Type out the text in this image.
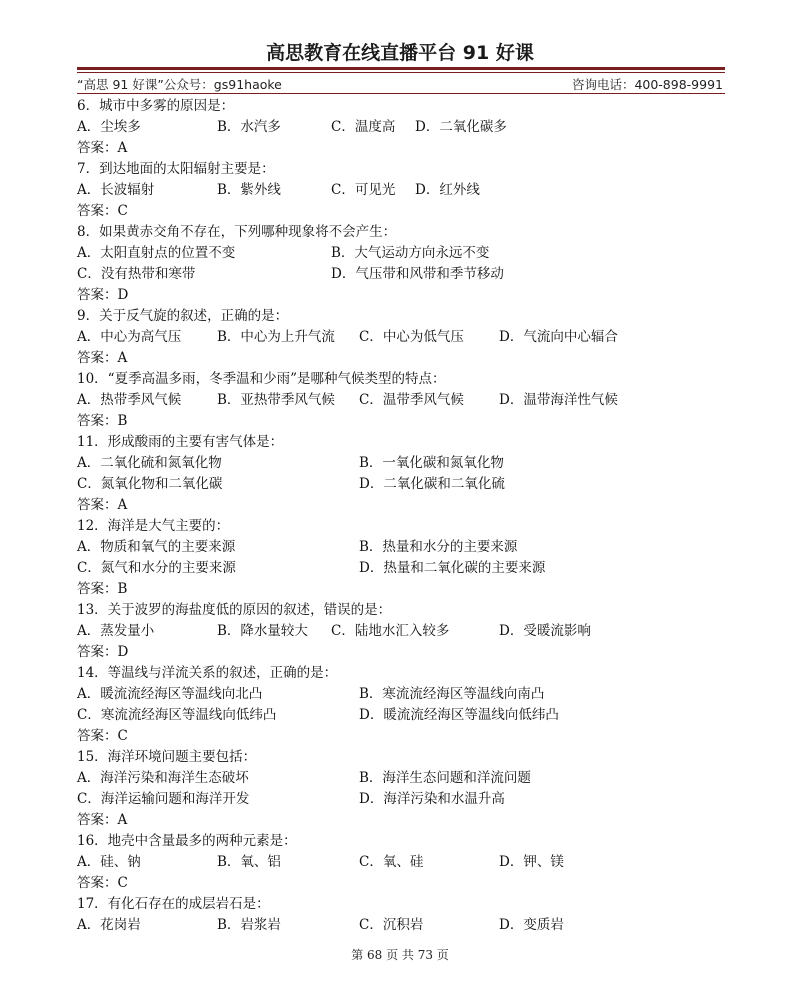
高思教育在线直播平台 91 好课
“高思 91 好课”公众号：gs91haoke	咨询电话：400-898-9991
6．城市中多雾的原因是：
A．尘埃多	B．水汽多	C．温度高 D．二氧化碳多
答案：A
7．到达地面的太阳辐射主要是：
A．长波辐射	B．紫外线	C．可见光 D．红外线
答案：C
8．如果黄赤交角不存在，下列哪种现象将不会产生：
A．太阳直射点的位置不变	B．大气运动方向永远不变
C．没有热带和寒带	D．气压带和风带和季节移动
答案：D
9．关于反气旋的叙述，正确的是：
A．中心为高气压	B．中心为上升气流 C．中心为低气压	D．气流向中心辐合
答案：A
10．“夏季高温多雨，冬季温和少雨”是哪种气候类型的特点：
A．热带季风气候	B．亚热带季风气候 C．温带季风气候	D．温带海洋性气候
答案：B
11．形成酸雨的主要有害气体是：
A．二氧化硫和氮氧化物	B．一氧化碳和氮氧化物
C．氮氧化物和二氧化碳	D．二氧化碳和二氧化硫
答案：A
12．海洋是大气主要的：
A．物质和氧气的主要来源	B．热量和水分的主要来源
C．氮气和水分的主要来源	D．热量和二氧化碳的主要来源
答案：B
13．关于波罗的海盐度低的原因的叙述，错误的是：
A．蒸发量小	B．降水量较大 C．陆地水汇入较多	D．受暖流影响
答案：D
14．等温线与洋流关系的叙述，正确的是：
A．暖流流经海区等温线向北凸	B．寒流流经海区等温线向南凸
C．寒流流经海区等温线向低纬凸	D．暖流流经海区等温线向低纬凸
答案：C
15．海洋环境问题主要包括：
A．海洋污染和海洋生态破坏	B．海洋生态问题和洋流问题
C．海洋运输问题和海洋开发	D．海洋污染和水温升高
答案：A
16．地壳中含量最多的两种元素是：
A．硅、钠	B．氧、铝	C．氧、硅	D．钾、镁
答案：C
17．有化石存在的成层岩石是：
A．花岗岩	B．岩浆岩	C．沉积岩	D．变质岩
第 68 页 共 73 页
